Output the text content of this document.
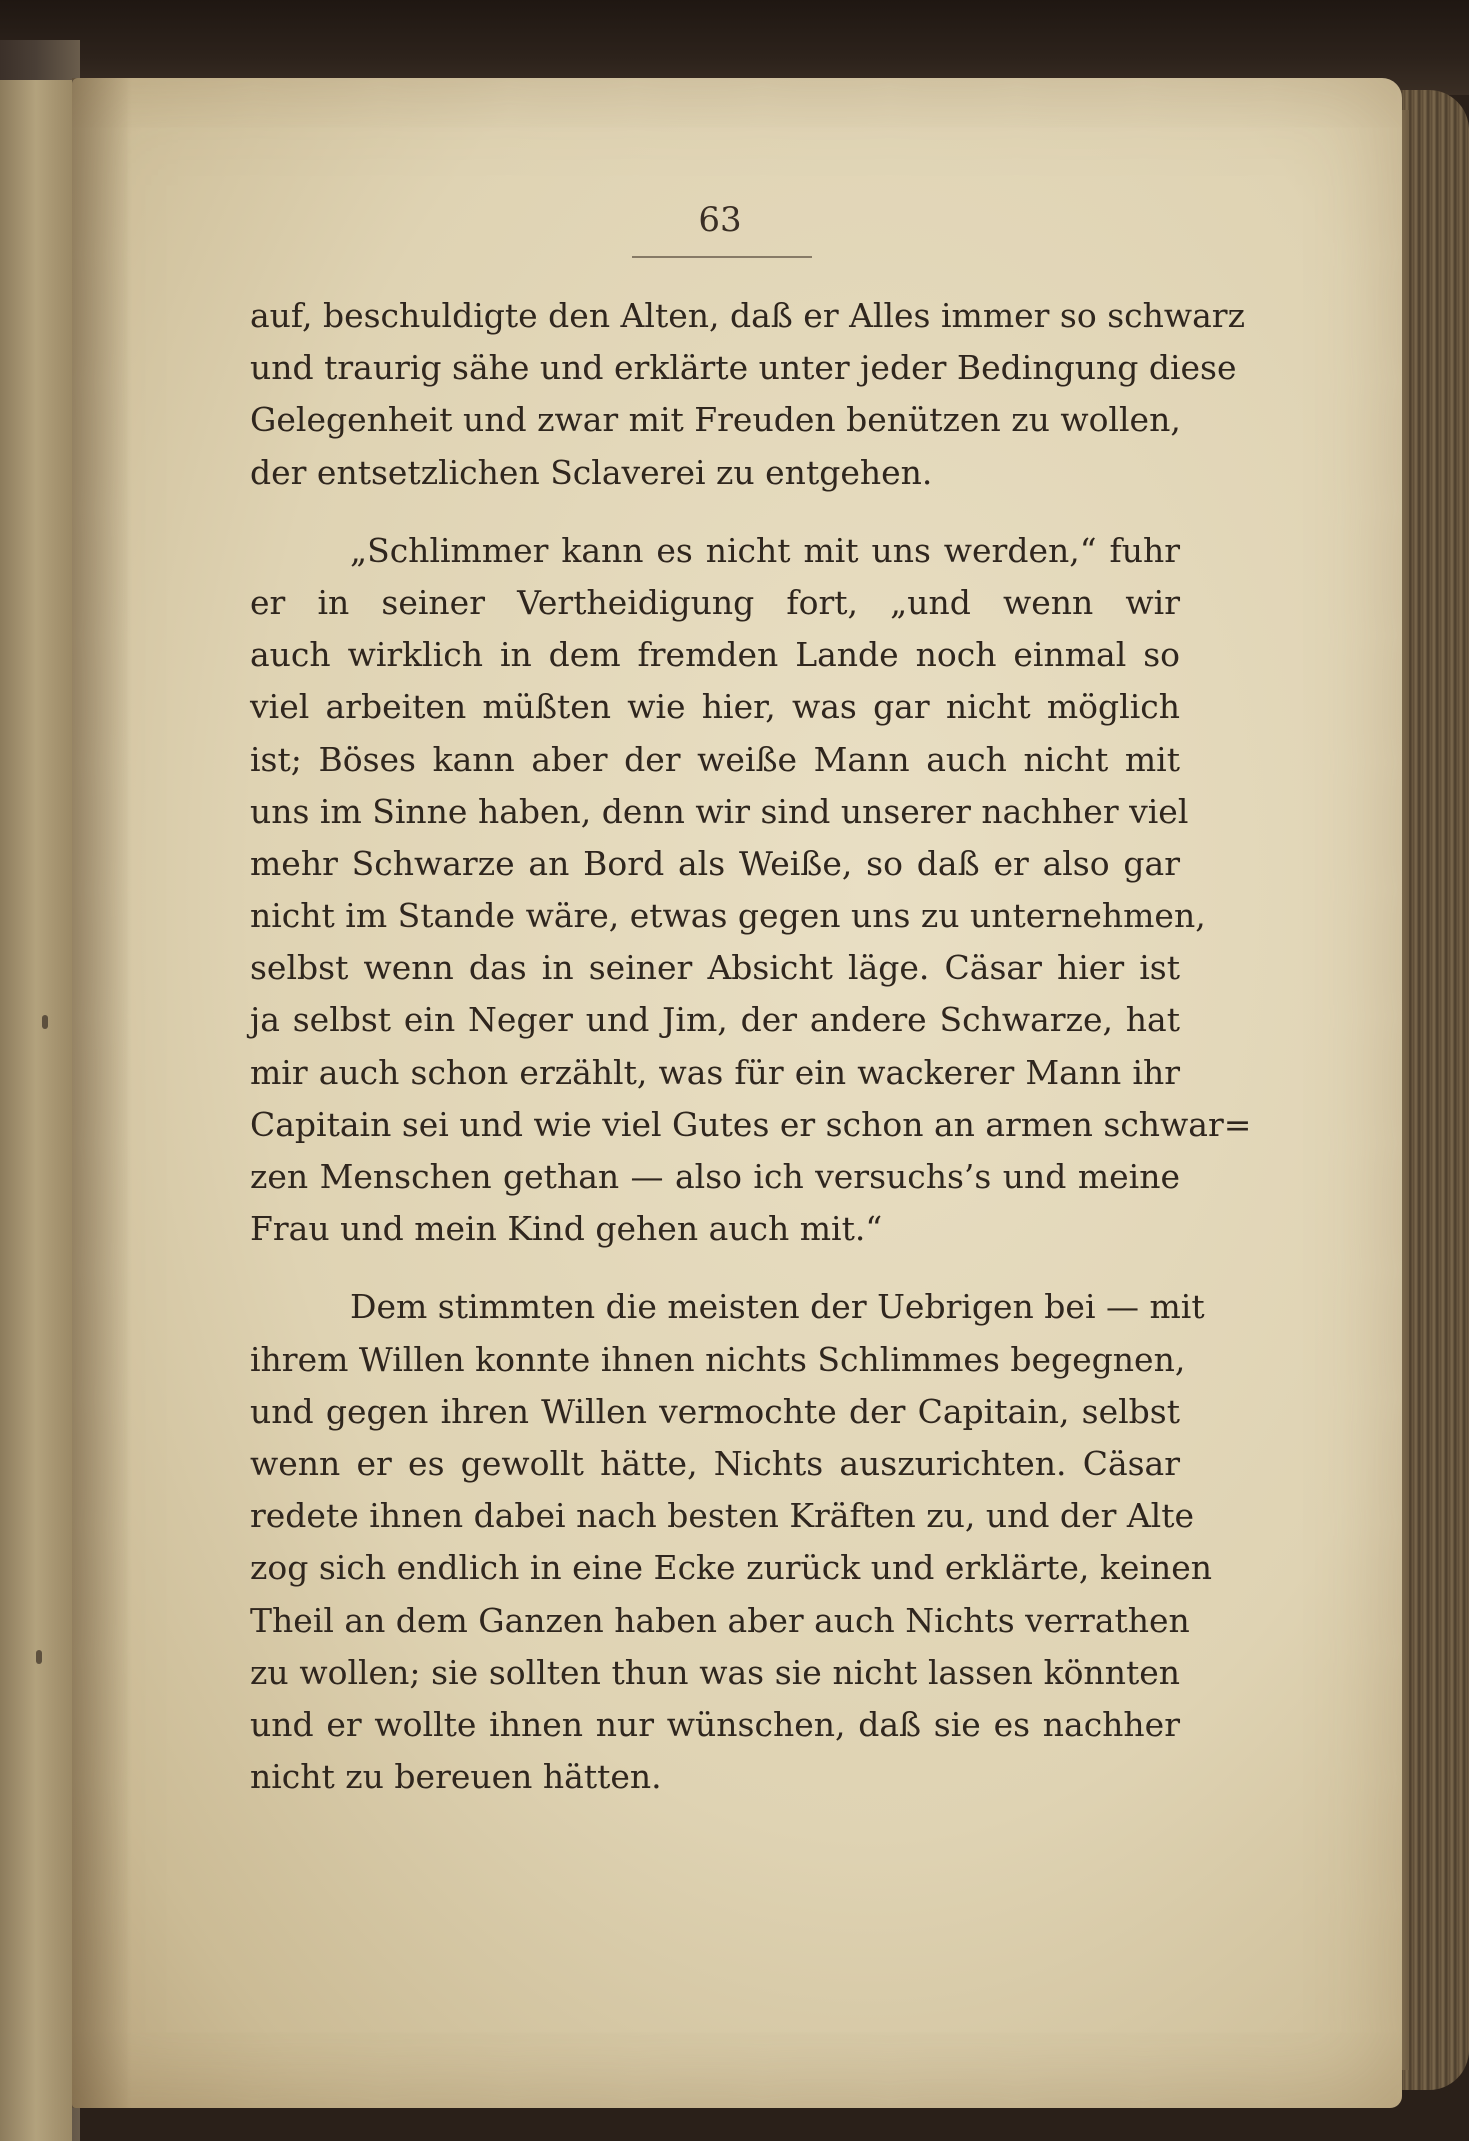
63
auf, beschuldigte den Alten, daß er Alles immer so schwarz
und traurig sähe und erklärte unter jeder Bedingung diese
Gelegenheit und zwar mit Freuden benützen zu wollen,
der entsetzlichen Sclaverei zu entgehen.
„Schlimmer kann es nicht mit uns werden,“ fuhr
er in seiner Vertheidigung fort, „und wenn wir
auch wirklich in dem fremden Lande noch einmal so
viel arbeiten müßten wie hier, was gar nicht möglich
ist; Böses kann aber der weiße Mann auch nicht mit
uns im Sinne haben, denn wir sind unserer nachher viel
mehr Schwarze an Bord als Weiße, so daß er also gar
nicht im Stande wäre, etwas gegen uns zu unternehmen,
selbst wenn das in seiner Absicht läge. Cäsar hier ist
ja selbst ein Neger und Jim, der andere Schwarze, hat
mir auch schon erzählt, was für ein wackerer Mann ihr
Capitain sei und wie viel Gutes er schon an armen schwar=
zen Menschen gethan — also ich versuchs’s und meine
Frau und mein Kind gehen auch mit.“
Dem stimmten die meisten der Uebrigen bei — mit
ihrem Willen konnte ihnen nichts Schlimmes begegnen,
und gegen ihren Willen vermochte der Capitain, selbst
wenn er es gewollt hätte, Nichts auszurichten. Cäsar
redete ihnen dabei nach besten Kräften zu, und der Alte
zog sich endlich in eine Ecke zurück und erklärte, keinen
Theil an dem Ganzen haben aber auch Nichts verrathen
zu wollen; sie sollten thun was sie nicht lassen könnten
und er wollte ihnen nur wünschen, daß sie es nachher
nicht zu bereuen hätten.
